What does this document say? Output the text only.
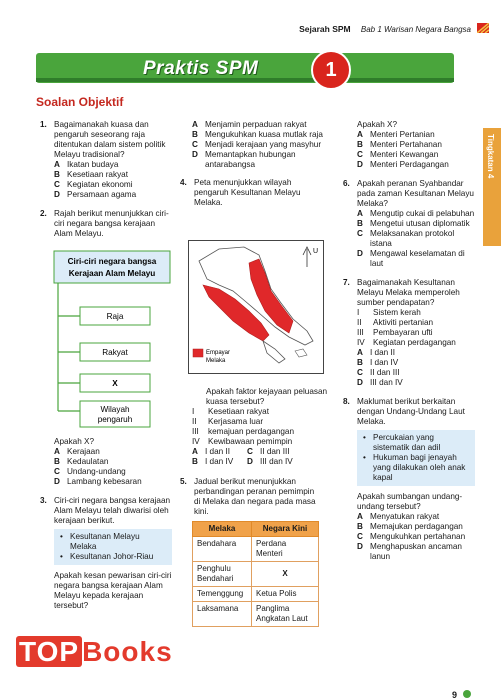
Sejarah SPM Bab 1 Warisan Negara Bangsa
Praktis SPM	1
Tingkatan 4
Soalan Objektif
1. Bagaimanakah kuasa dan pengaruh seseorang raja ditentukan dalam sistem politik Melayu tradisional?
A Ikatan budaya
B Kesetiaan rakyat
C Kegiatan ekonomi
D Persamaan agama
2. Rajah berikut menunjukkan ciri-ciri negara bangsa kerajaan Alam Melayu.
Ciri-ciri negara bangsa
Kerajaan Alam Melayu
Raja
Rakyat
X
Wilayah
pengaruh
Apakah X?
A Kerajaan
B Kedaulatan
C Undang-undang
D Lambang kebesaran
3. Ciri-ciri negara bangsa kerajaan Alam Melayu telah diwarisi oleh kerajaan berikut.
• Kesultanan Melayu Melaka
• Kesultanan Johor-Riau
Apakah kesan pewarisan ciri-ciri negara bangsa kerajaan Alam Melayu kepada kerajaan tersebut?
A Menjamin perpaduan rakyat
B Mengukuhkan kuasa mutlak raja
C Menjadi kerajaan yang masyhur
D Memantapkan hubungan antarabangsa
4. Peta menunjukkan wilayah pengaruh Kesultanan Melayu Melaka.
U
Empayar
Melaka
Apakah faktor kejayaan peluasan kuasa tersebut?
I	Kesetiaan rakyat
II	Kerjasama luar
III	kemajuan perdagangan
IV	Kewibawaan pemimpin
A I dan II C II dan III
B I dan IV D III dan IV
5. Jadual berikut menunjukkan perbandingan peranan pemimpin di Melaka dan negara pada masa kini.
Melaka	Negara Kini
Bendahara	Perdana Menteri
Penghulu Bendahari	X
Temenggung	Ketua Polis
Laksamana	Panglima Angkatan Laut
Apakah X?
A Menteri Pertanian
B Menteri Pertahanan
C Menteri Kewangan
D Menteri Perdagangan
6. Apakah peranan Syahbandar pada zaman Kesultanan Melayu Melaka?
A Mengutip cukai di pelabuhan
B Mengetui utusan diplomatik
C Melaksanakan protokol istana
D Mengawal keselamatan di laut
7. Bagaimanakah Kesultanan Melayu Melaka memperoleh sumber pendapatan?
I	Sistem kerah
II	Aktiviti pertanian
III	Pembayaran ufti
IV	Kegiatan perdagangan
A I dan II
B I dan IV
C II dan III
D III dan IV
8. Maklumat berikut berkaitan dengan Undang-Undang Laut Melaka.
• Percukaian yang sistematik dan adil
• Hukuman bagi jenayah yang dilakukan oleh anak kapal
Apakah sumbangan undang-undang tersebut?
A Menyatukan rakyat
B Memajukan perdagangan
C Mengukuhkan pertahanan
D Menghapuskan ancaman lanun
TOP Books
9
